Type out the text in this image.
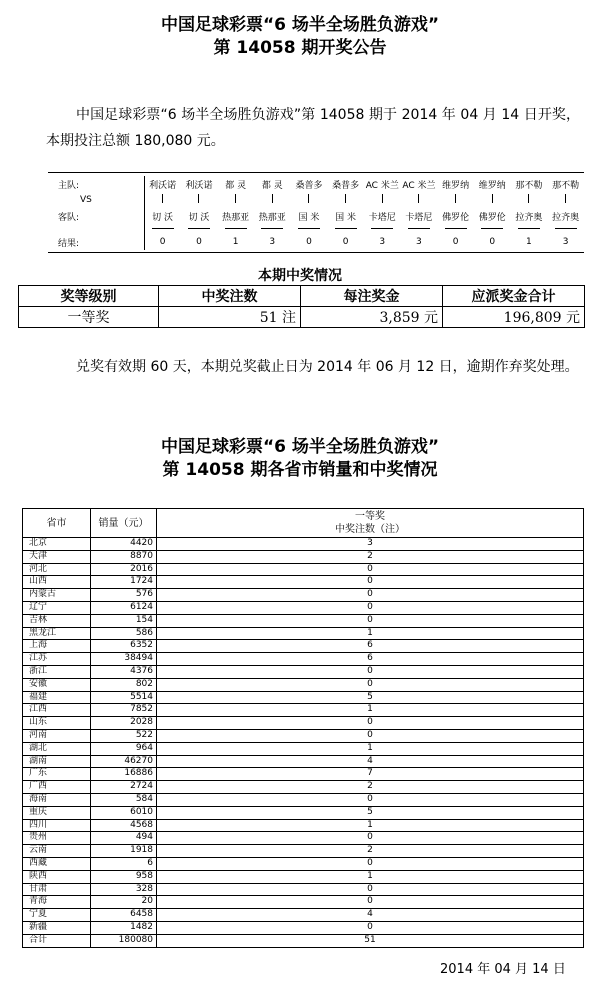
中国足球彩票“6 场半全场胜负游戏”
第 14058 期开奖公告
中国足球彩票“6 场半全场胜负游戏”第 14058 期于 2014 年 04 月 14 日开奖，本期投注总额 180,080 元。

主队:	利沃诺	利沃诺	都 灵	都 灵	桑普多	桑普多	AC 米兰	AC 米兰	维罗纳	维罗纳	那不勒	那不勒
VS												
客队:	切 沃	切 沃	热那亚	热那亚	国 米	国 米	卡塔尼	卡塔尼	佛罗伦	佛罗伦	拉齐奥	拉齐奥

结果:	0	0	1	3	0	0	3	3	0	0	1	3
本期中奖情况
奖等级别	中奖注数	每注奖金	应派奖金合计
一等奖	51 注	3,859 元	196,809 元
兑奖有效期 60 天，本期兑奖截止日为 2014 年 06 月 12 日，逾期作弃奖处理。
中国足球彩票“6 场半全场胜负游戏”
第 14058 期各省市销量和中奖情况
省市	销量（元）	一等奖
中奖注数（注）

北京	4420	3
天津	8870	2
河北	2016	0
山西	1724	0
内蒙古	576	0
辽宁	6124	0
吉林	154	0
黑龙江	586	1
上海	6352	6
江苏	38494	6
浙江	4376	0
安徽	802	0
福建	5514	5
江西	7852	1
山东	2028	0
河南	522	0
湖北	964	1
湖南	46270	4
广东	16886	7
广西	2724	2
海南	584	0
重庆	6010	5
四川	4568	1
贵州	494	0
云南	1918	2
西藏	6	0
陕西	958	1
甘肃	328	0
青海	20	0
宁夏	6458	4
新疆	1482	0
合计	180080	51
2014 年 04 月 14 日
